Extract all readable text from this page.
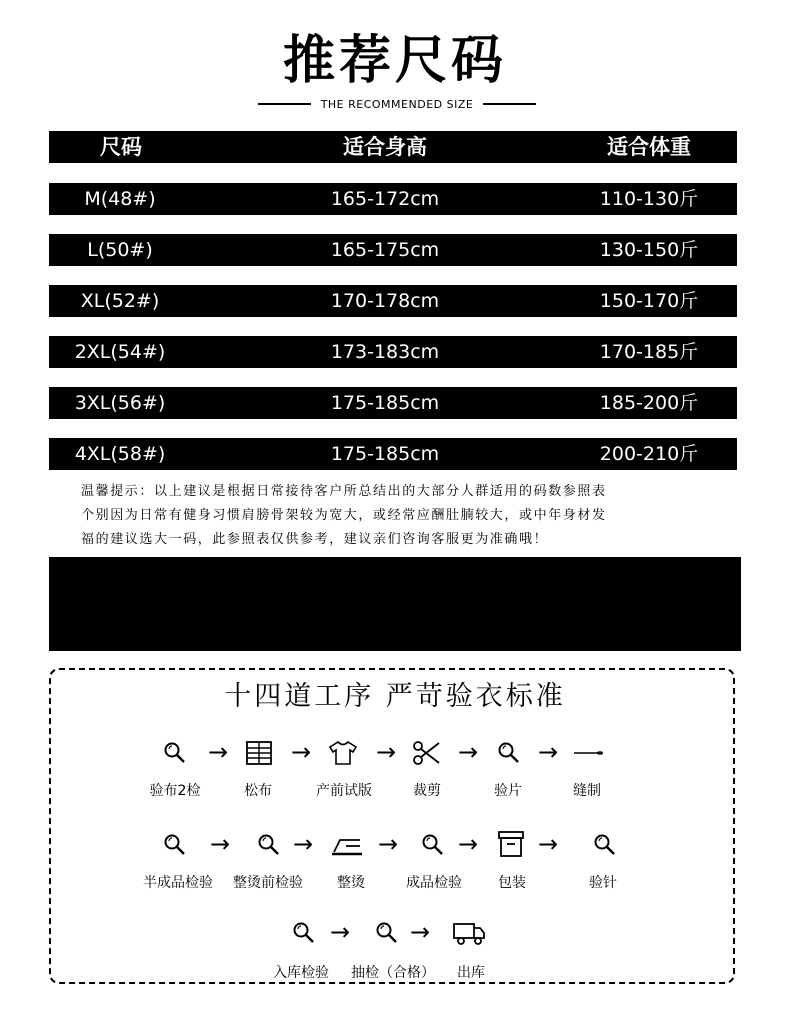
推荐尺码
THE RECOMMENDED SIZE
尺码	适合身高	适合体重
M(48#)	165-172cm	110-130斤
L(50#)	165-175cm	130-150斤
XL(52#)	170-178cm	150-170斤
2XL(54#)	173-183cm	170-185斤
3XL(56#)	175-185cm	185-200斤
4XL(58#)	175-185cm	200-210斤
温馨提示：以上建议是根据日常接待客户所总结出的大部分人群适用的码数参照表
个别因为日常有健身习惯肩膀骨架较为宽大，或经常应酬肚腩较大，或中年身材发
福的建议选大一码，此参照表仅供参考，建议亲们咨询客服更为准确哦！
十四道工序 严苛验衣标准
→	→	→	→ →
验布2检	松布	产前试版	裁剪	验片	缝制
→	→	→ → →
半成品检验 整烫前检验 整烫	成品检验	包装	验针
→ →
入库检验 抽检（合格） 出库
